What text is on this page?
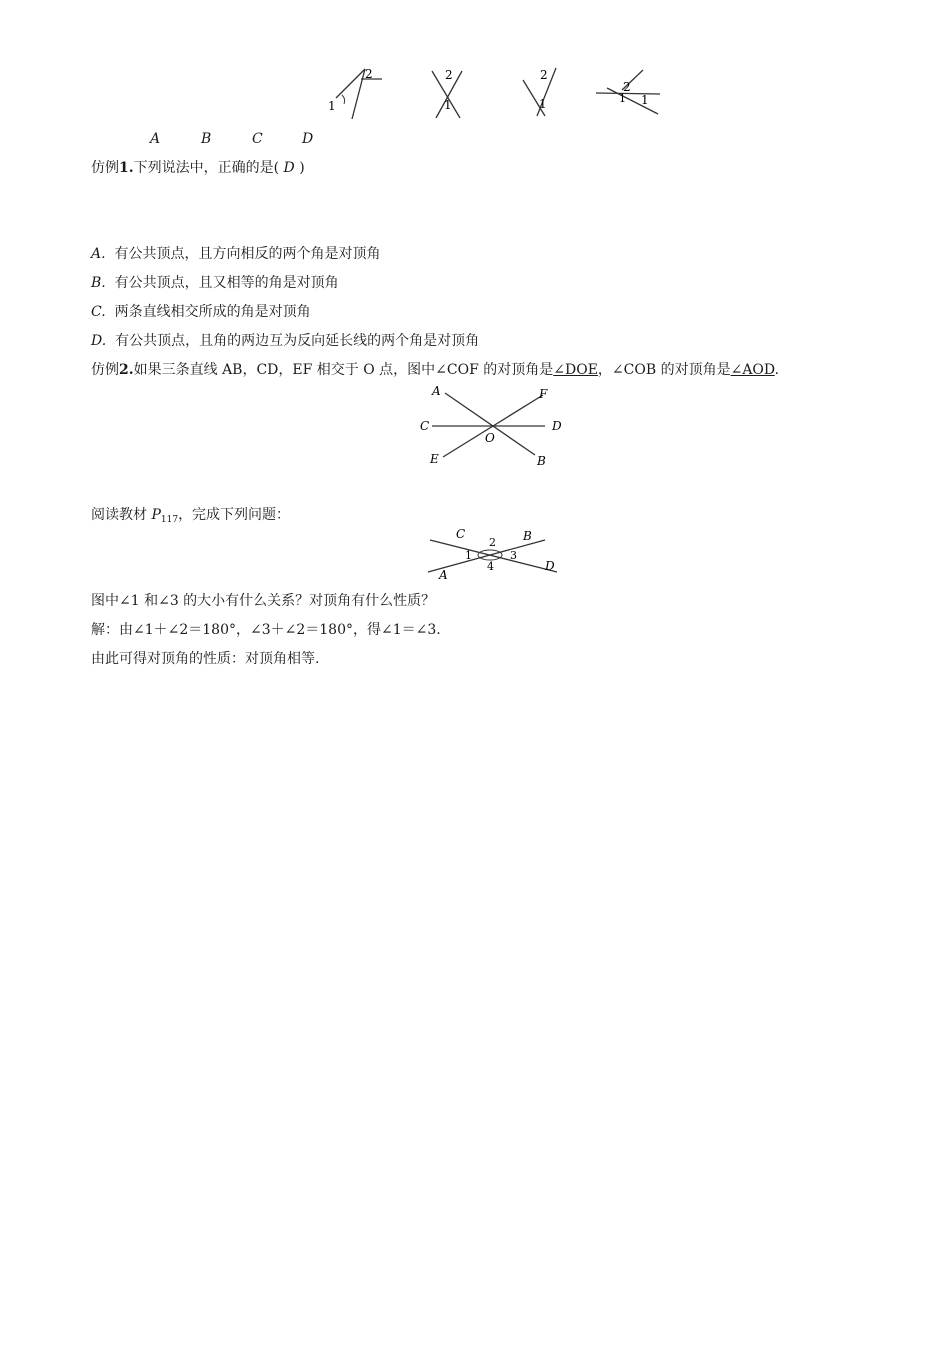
1
2	2
1
2
1
2
1 1
A	B	C	D
仿例1.下列说法中，正确的是( D )
A. 有公共顶点，且方向相反的两个角是对顶角
B. 有公共顶点，且又相等的角是对顶角
C. 两条直线相交所成的角是对顶角
D. 有公共顶点，且角的两边互为反向延长线的两个角是对顶角
仿例2.如果三条直线 AB，CD，EF 相交于 O 点，图中∠COF 的对顶角是∠DOE，∠COB 的对顶角是∠AOD.
A	F
C	D
O
E	B
阅读教材 $P_{117}$，完成下列问题：
C	B
2
1	3
4
A
D
图中∠1 和∠3 的大小有什么关系？对顶角有什么性质？
解：由∠1＋∠2＝180°，∠3＋∠2＝180°，得∠1＝∠3.
由此可得对顶角的性质：对顶角相等.
